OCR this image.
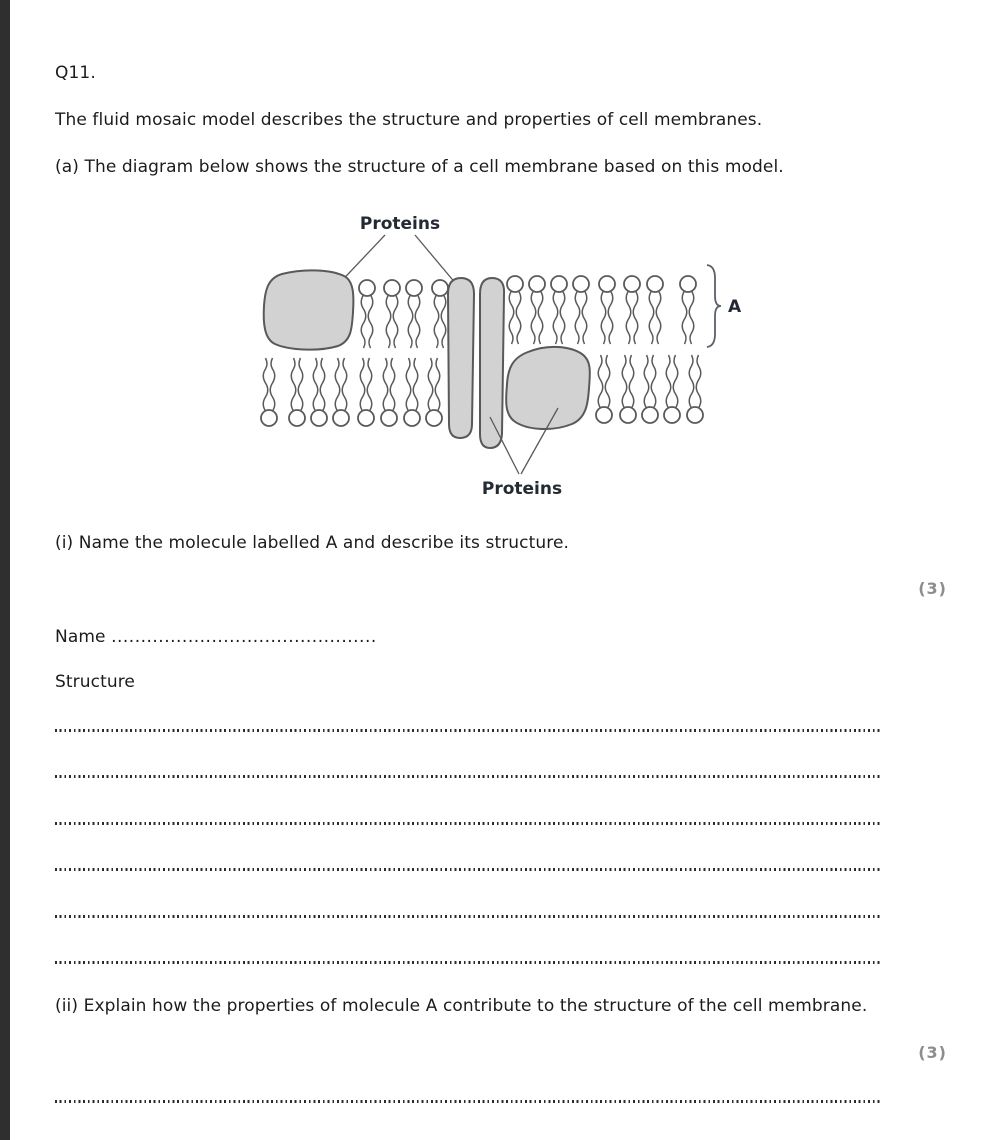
Q11.
The fluid mosaic model describes the structure and properties of cell membranes.
(a) The diagram below shows the structure of a cell membrane based on this model.
Proteins
A
Proteins
(i) Name the molecule labelled A and describe its structure.
(3)
Name .............................................
Structure
(ii) Explain how the properties of molecule A contribute to the structure of the cell membrane.
(3)
